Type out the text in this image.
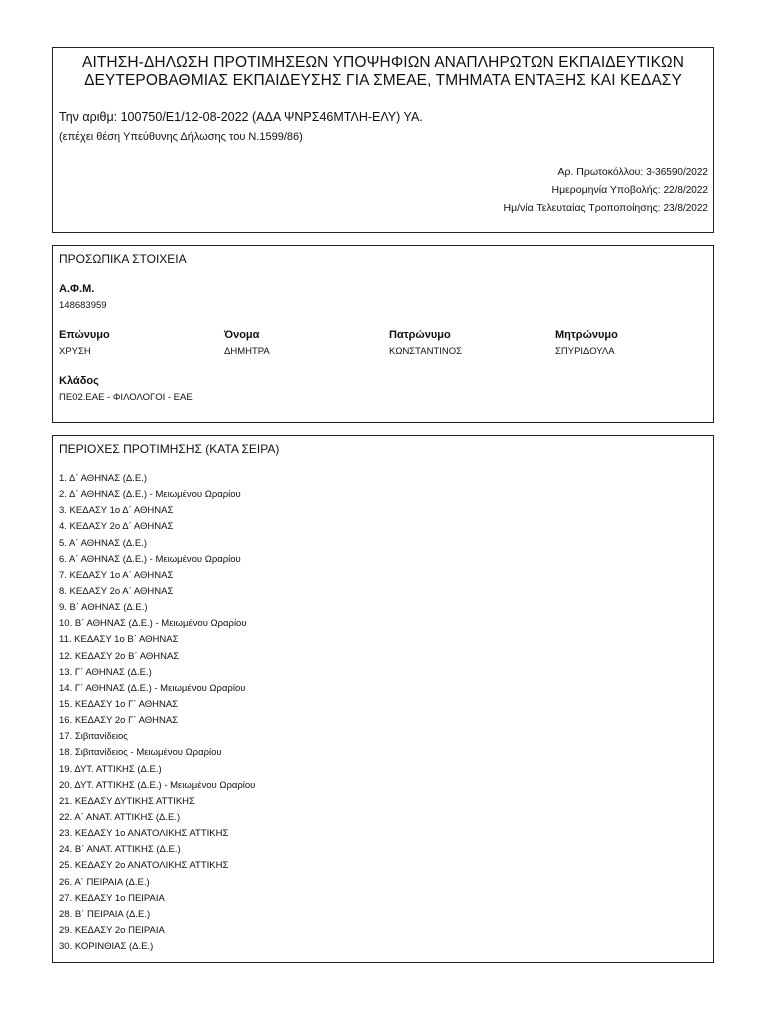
ΑΙΤΗΣΗ-ΔΗΛΩΣΗ ΠΡΟΤΙΜΗΣΕΩΝ ΥΠΟΨΗΦΙΩΝ ΑΝΑΠΛΗΡΩΤΩΝ ΕΚΠΑΙΔΕΥΤΙΚΩΝ
ΔΕΥΤΕΡΟΒΑΘΜΙΑΣ ΕΚΠΑΙΔΕΥΣΗΣ ΓΙΑ ΣΜΕΑΕ, ΤΜΗΜΑΤΑ ΕΝΤΑΞΗΣ ΚΑΙ ΚΕΔΑΣΥ
Την αριθμ: 100750/Ε1/12-08-2022 (ΑΔΑ ΨΝΡΣ46ΜΤΛΗ-ΕΛΥ) ΥΑ.
(επέχει θέση Υπεύθυνης Δήλωσης του Ν.1599/86)
Αρ. Πρωτοκόλλου: 3-36590/2022
Ημερομηνία Υποβολής: 22/8/2022
Ημ/νία Τελευταίας Τροποποίησης: 23/8/2022
ΠΡΟΣΩΠΙΚΑ ΣΤΟΙΧΕΙΑ
Α.Φ.Μ.
148683959
Επώνυμο
ΧΡΥΣΗ
Όνομα
ΔΗΜΗΤΡΑ
Πατρώνυμο
ΚΩΝΣΤΑΝΤΙΝΟΣ
Μητρώνυμο
ΣΠΥΡΙΔΟΥΛΑ
Κλάδος
ΠΕ02.ΕΑΕ - ΦΙΛΟΛΟΓΟΙ - ΕΑΕ
ΠΕΡΙΟΧΕΣ ΠΡΟΤΙΜΗΣΗΣ (ΚΑΤΑ ΣΕΙΡΑ)
1. Δ΄ ΑΘΗΝΑΣ (Δ.Ε.)
2. Δ΄ ΑΘΗΝΑΣ (Δ.Ε.) - Μειωμένου Ωραρίου
3. ΚΕΔΑΣΥ 1ο Δ΄ ΑΘΗΝΑΣ
4. ΚΕΔΑΣΥ 2ο Δ΄ ΑΘΗΝΑΣ
5. Α΄ ΑΘΗΝΑΣ (Δ.Ε.)
6. Α΄ ΑΘΗΝΑΣ (Δ.Ε.) - Μειωμένου Ωραρίου
7. ΚΕΔΑΣΥ 1ο Α΄ ΑΘΗΝΑΣ
8. ΚΕΔΑΣΥ 2ο Α΄ ΑΘΗΝΑΣ
9. Β΄ ΑΘΗΝΑΣ (Δ.Ε.)
10. Β΄ ΑΘΗΝΑΣ (Δ.Ε.) - Μειωμένου Ωραρίου
11. ΚΕΔΑΣΥ 1ο Β΄ ΑΘΗΝΑΣ
12. ΚΕΔΑΣΥ 2ο Β΄ ΑΘΗΝΑΣ
13. Γ΄ ΑΘΗΝΑΣ (Δ.Ε.)
14. Γ΄ ΑΘΗΝΑΣ (Δ.Ε.) - Μειωμένου Ωραρίου
15. ΚΕΔΑΣΥ 1ο Γ΄ ΑΘΗΝΑΣ
16. ΚΕΔΑΣΥ 2ο Γ΄ ΑΘΗΝΑΣ
17. Σιβιτανίδειος
18. Σιβιτανίδειος - Μειωμένου Ωραρίου
19. ΔΥΤ. ΑΤΤΙΚΗΣ (Δ.Ε.)
20. ΔΥΤ. ΑΤΤΙΚΗΣ (Δ.Ε.) - Μειωμένου Ωραρίου
21. ΚΕΔΑΣΥ ΔΥΤΙΚΗΣ ΑΤΤΙΚΗΣ
22. Α΄ ΑΝΑΤ. ΑΤΤΙΚΗΣ (Δ.Ε.)
23. ΚΕΔΑΣΥ 1ο ΑΝΑΤΟΛΙΚΗΣ ΑΤΤΙΚΗΣ
24. Β΄ ΑΝΑΤ. ΑΤΤΙΚΗΣ (Δ.Ε.)
25. ΚΕΔΑΣΥ 2ο ΑΝΑΤΟΛΙΚΗΣ ΑΤΤΙΚΗΣ
26. Α΄ ΠΕΙΡΑΙΑ (Δ.Ε.)
27. ΚΕΔΑΣΥ 1ο ΠΕΙΡΑΙΑ
28. Β΄ ΠΕΙΡΑΙΑ (Δ.Ε.)
29. ΚΕΔΑΣΥ 2ο ΠΕΙΡΑΙΑ
30. ΚΟΡΙΝΘΙΑΣ (Δ.Ε.)
